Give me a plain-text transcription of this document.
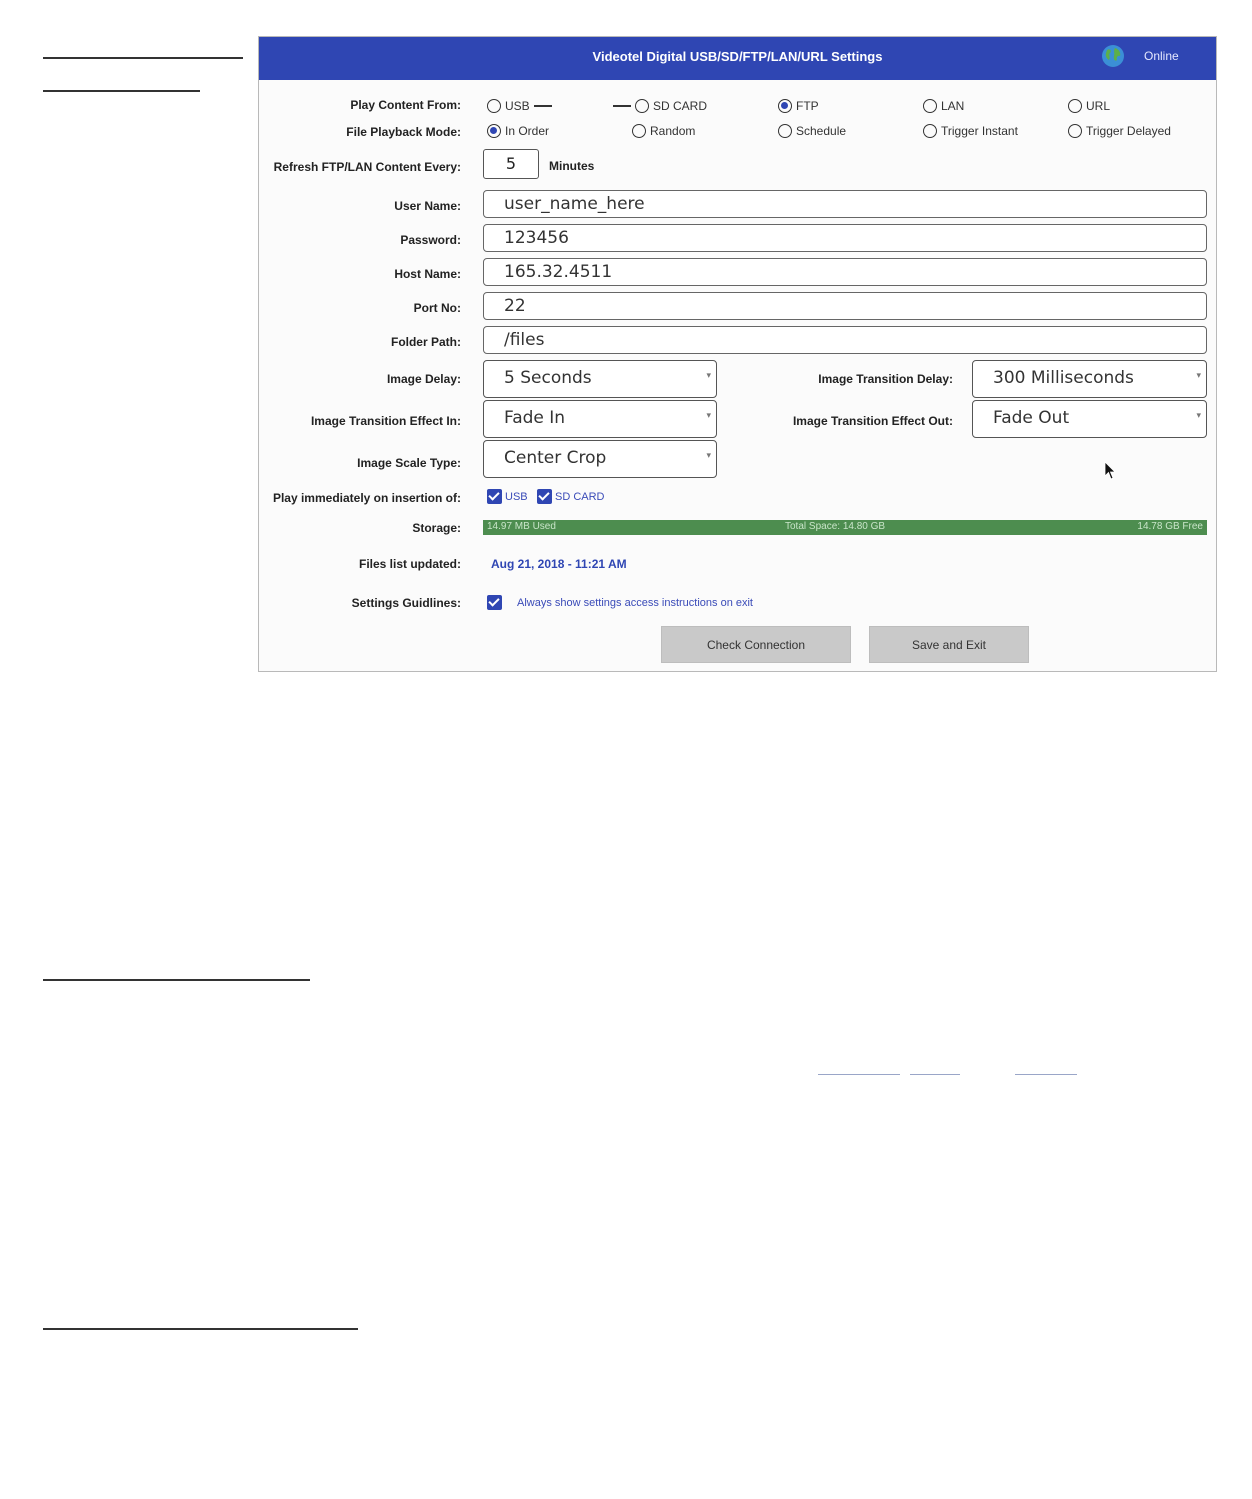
Videotel Digital USB/SD/FTP/LAN/URL Settings	Online
Play Content From:	USB	SD CARD	FTP	LAN	URL
File Playback Mode:	In Order	Random	Schedule	Trigger Instant	Trigger Delayed
Refresh FTP/LAN Content Every:	5	Minutes
User Name:	user_name_here
Password:	123456
Host Name:	165.32.4511
Port No:	22
Folder Path:	/files
Image Delay:	5 Seconds	▾	Image Transition Delay:	300 Milliseconds	▾
Image Transition Effect In:	Fade In	▾	Image Transition Effect Out:	Fade Out	▾
Image Scale Type:	Center Crop	▾
Play immediately on insertion of:	USB SD CARD
Storage:	14.97 MB Used	Total Space: 14.80 GB	14.78 GB Free
Files list updated:	Aug 21, 2018 - 11:21 AM
Settings Guidlines:	Always show settings access instructions on exit
Check Connection	Save and Exit
